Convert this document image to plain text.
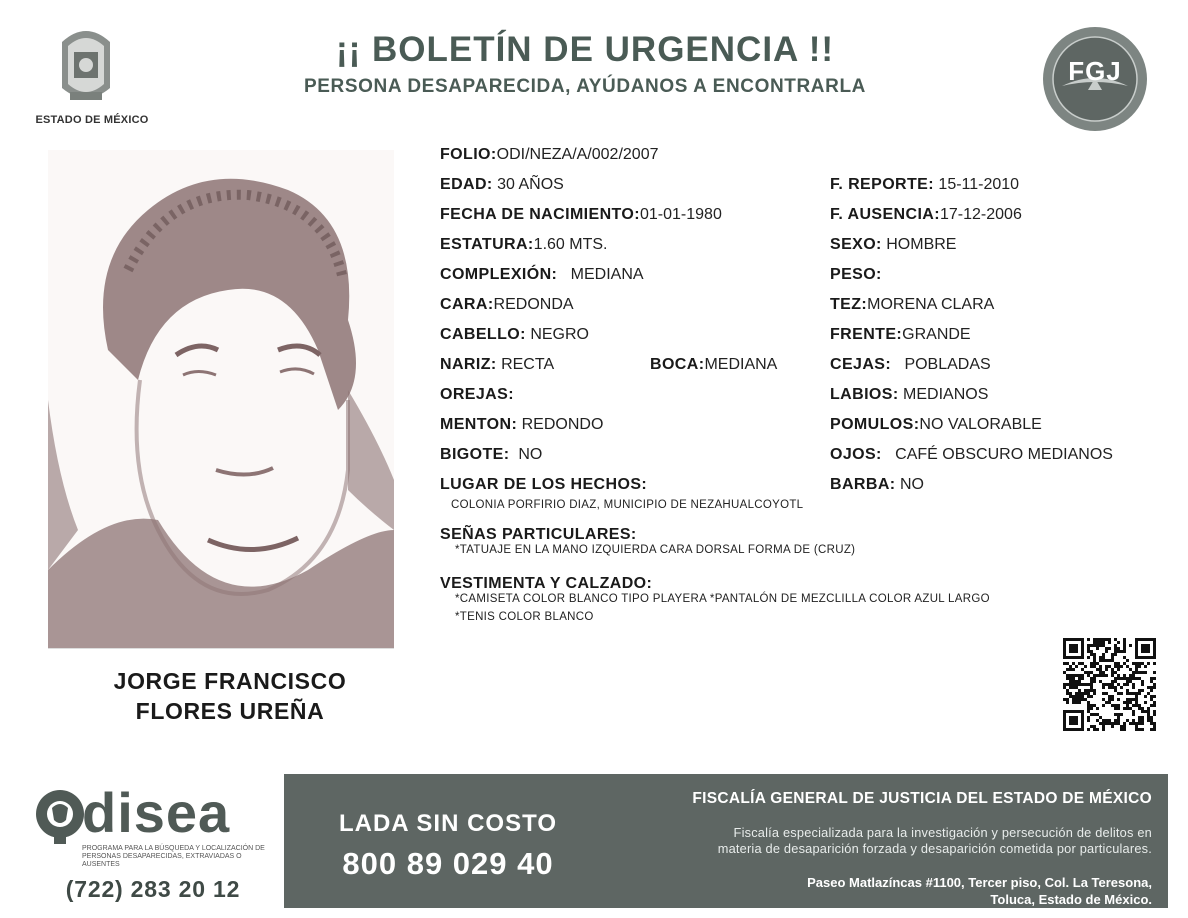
ESTADO DE MÉXICO
¡¡ BOLETÍN DE URGENCIA !!
PERSONA DESAPARECIDA, AYÚDANOS A ENCONTRARLA
FGJ
JORGE FRANCISCO
FLORES UREÑA
FOLIO:ODI/NEZA/A/002/2007
EDAD: 30 AÑOS
FECHA DE NACIMIENTO:01-01-1980
ESTATURA:1.60 MTS.
COMPLEXIÓN: MEDIANA
CARA:REDONDA
CABELLO: NEGRO
NARIZ: RECTA	BOCA:MEDIANA
OREJAS:
MENTON: REDONDO
BIGOTE: NO
LUGAR DE LOS HECHOS:
COLONIA PORFIRIO DIAZ, MUNICIPIO DE NEZAHUALCOYOTL
F. REPORTE: 15-11-2010
F. AUSENCIA:17-12-2006
SEXO: HOMBRE
PESO:
TEZ:MORENA CLARA
FRENTE:GRANDE
CEJAS: POBLADAS
LABIOS: MEDIANOS
POMULOS:NO VALORABLE
OJOS: CAFÉ OBSCURO MEDIANOS
BARBA: NO
SEÑAS PARTICULARES:
*TATUAJE EN LA MANO IZQUIERDA CARA DORSAL FORMA DE (CRUZ)
VESTIMENTA Y CALZADO:
*CAMISETA COLOR BLANCO TIPO PLAYERA *PANTALÓN DE MEZCLILLA COLOR AZUL LARGO
*TENIS COLOR BLANCO
disea
PROGRAMA PARA LA BÚSQUEDA Y LOCALIZACIÓN DE PERSONAS DESAPARECIDAS, EXTRAVIADAS O AUSENTES
(722) 283 20 12
LADA SIN COSTO
800 89 029 40
FISCALÍA GENERAL DE JUSTICIA DEL ESTADO DE MÉXICO
Fiscalía especializada para la investigación y persecución de delitos en
materia de desaparición forzada y desaparición cometida por particulares.
Paseo Matlazíncas #1100, Tercer piso, Col. La Teresona,
Toluca, Estado de México.
